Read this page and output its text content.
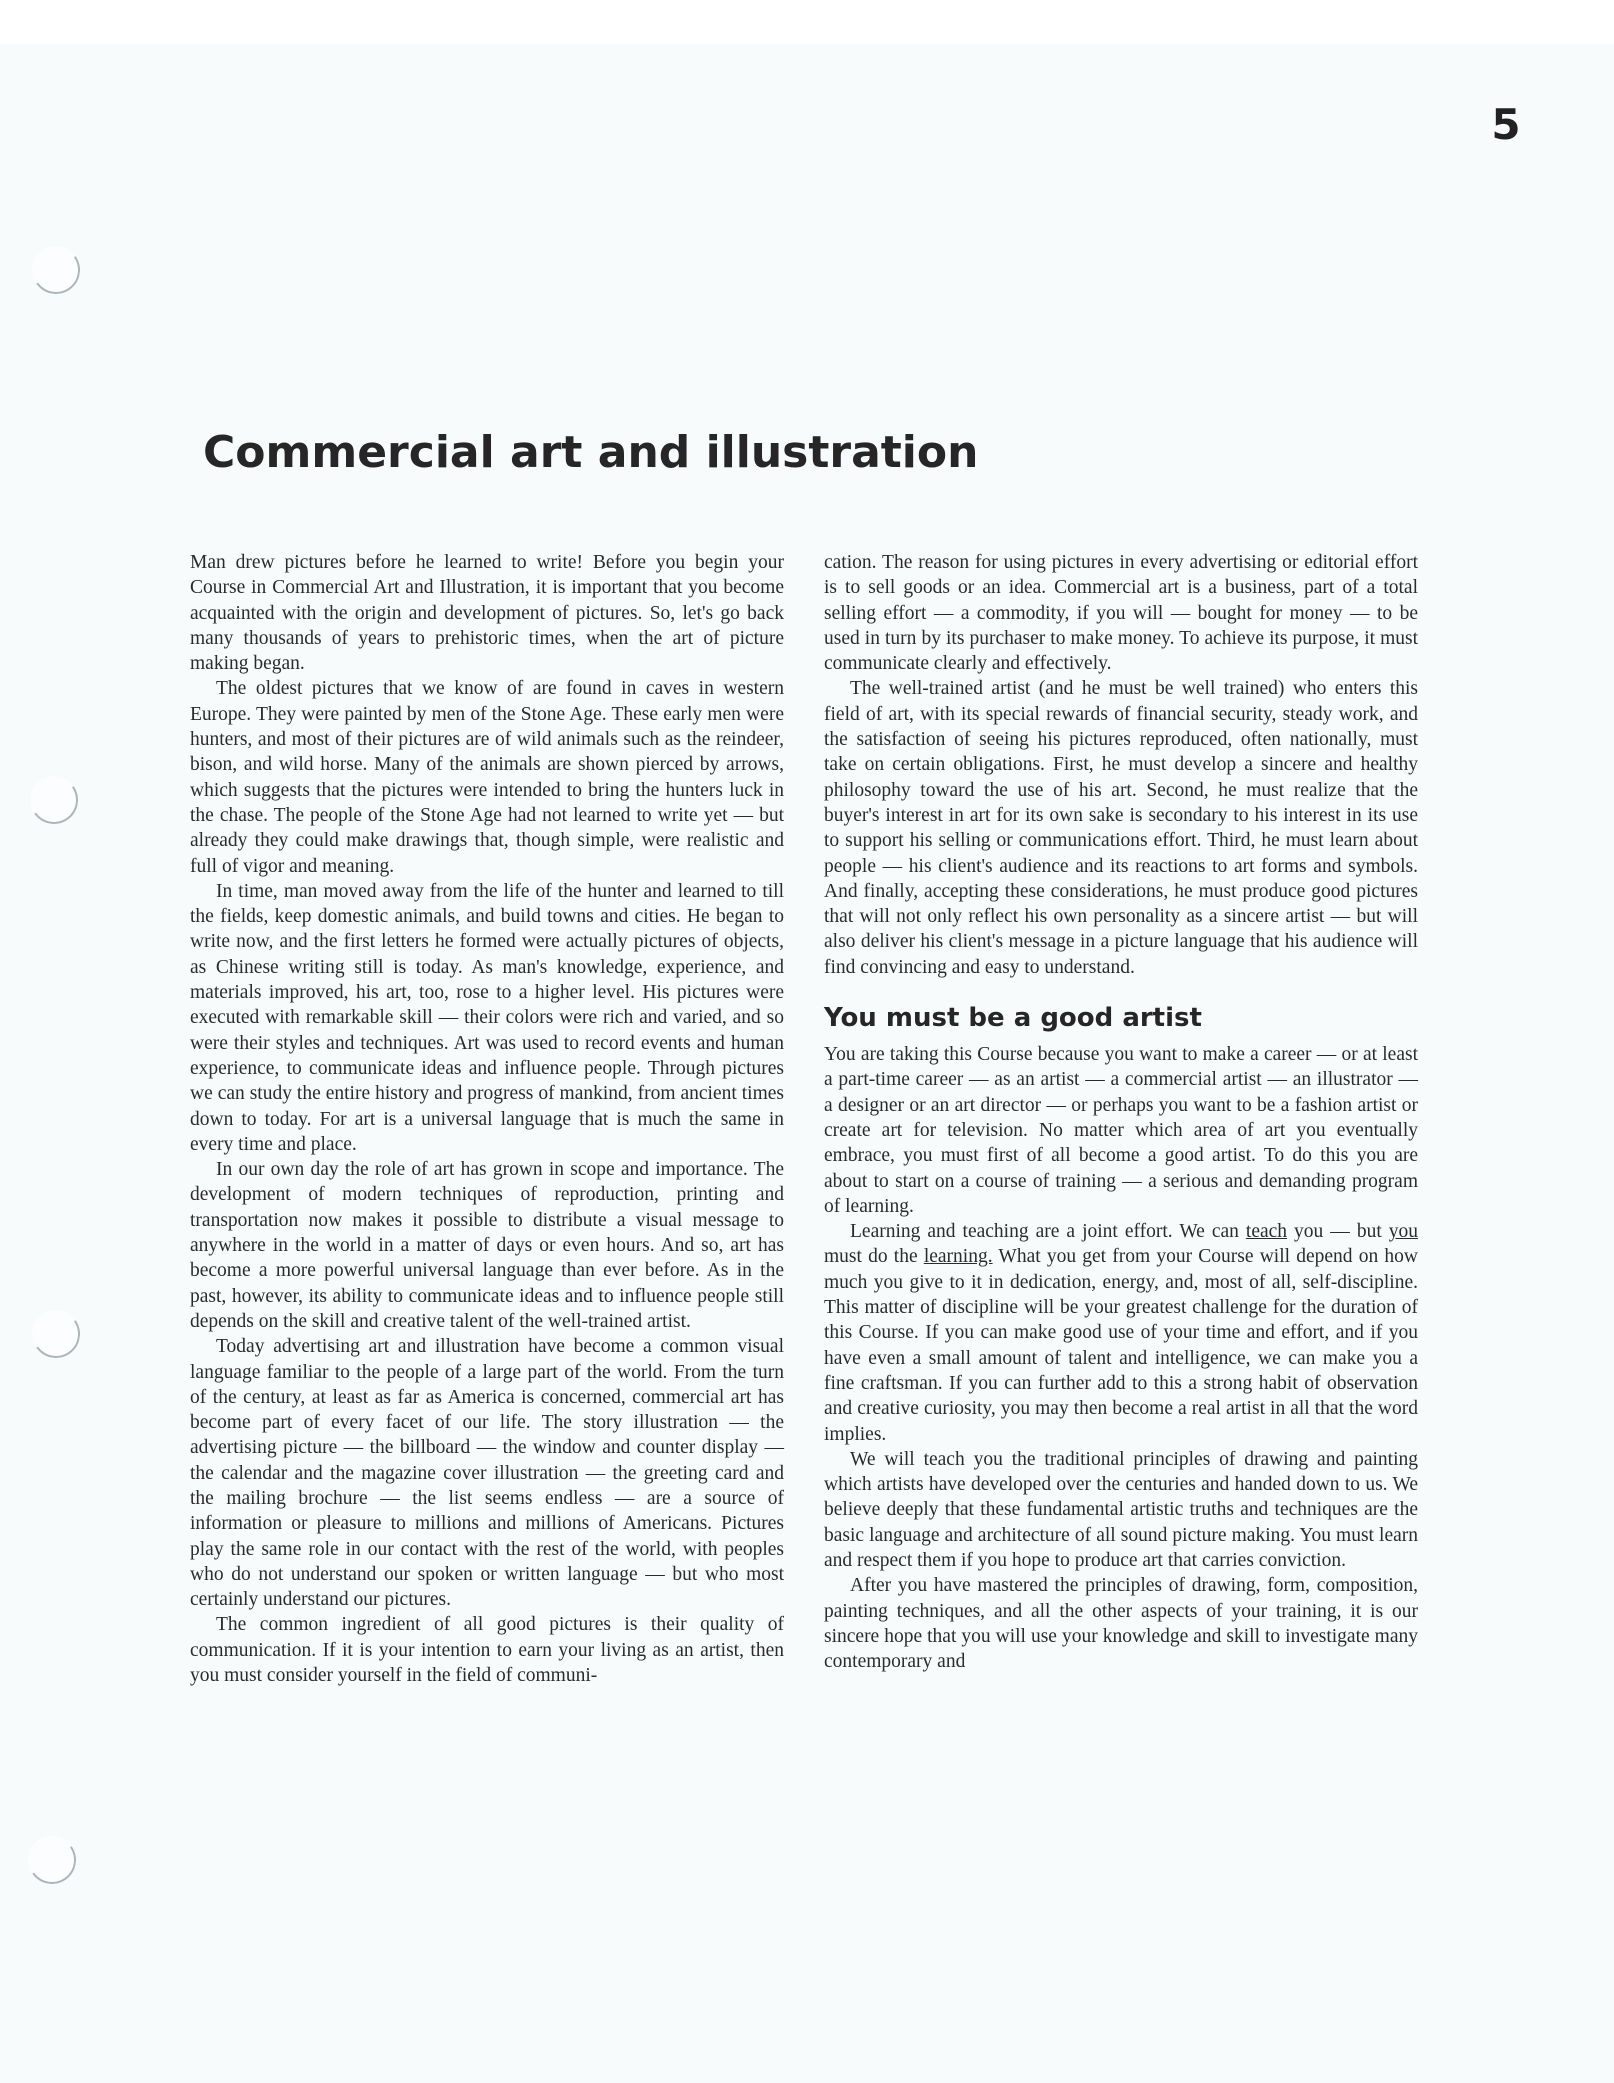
5
Commercial art and illustration

Man drew pictures before he learned to write! Before you begin your Course in Commercial Art and Illustration, it is important that you become acquainted with the origin and development of pictures. So, let's go back many thousands of years to prehistoric times, when the art of picture making began.

The oldest pictures that we know of are found in caves in western Europe. They were painted by men of the Stone Age. These early men were hunters, and most of their pictures are of wild animals such as the reindeer, bison, and wild horse. Many of the animals are shown pierced by arrows, which suggests that the pictures were intended to bring the hunters luck in the chase. The people of the Stone Age had not learned to write yet — but already they could make drawings that, though simple, were realistic and full of vigor and meaning.

In time, man moved away from the life of the hunter and learned to till the fields, keep domestic animals, and build towns and cities. He began to write now, and the first letters he formed were actually pictures of objects, as Chinese writing still is today. As man's knowledge, experience, and materials improved, his art, too, rose to a higher level. His pictures were executed with remarkable skill — their colors were rich and varied, and so were their styles and techniques. Art was used to record events and human experience, to communicate ideas and influence people. Through pictures we can study the entire history and progress of mankind, from ancient times down to today. For art is a universal language that is much the same in every time and place.

In our own day the role of art has grown in scope and importance. The development of modern techniques of reproduction, printing and transportation now makes it possible to distribute a visual message to anywhere in the world in a matter of days or even hours. And so, art has become a more powerful universal language than ever before. As in the past, however, its ability to communicate ideas and to influence people still depends on the skill and creative talent of the well-trained artist.

Today advertising art and illustration have become a common visual language familiar to the people of a large part of the world. From the turn of the century, at least as far as America is concerned, commercial art has become part of every facet of our life. The story illustration — the advertising picture — the billboard — the window and counter display — the calendar and the magazine cover illustration — the greeting card and the mailing brochure — the list seems endless — are a source of information or pleasure to millions and millions of Americans. Pictures play the same role in our contact with the rest of the world, with peoples who do not understand our spoken or written language — but who most certainly understand our pictures.

The common ingredient of all good pictures is their quality of communication. If it is your intention to earn your living as an artist, then you must consider yourself in the field of communi-

cation. The reason for using pictures in every advertising or editorial effort is to sell goods or an idea. Commercial art is a business, part of a total selling effort — a commodity, if you will — bought for money — to be used in turn by its purchaser to make money. To achieve its purpose, it must communicate clearly and effectively.

The well-trained artist (and he must be well trained) who enters this field of art, with its special rewards of financial security, steady work, and the satisfaction of seeing his pictures reproduced, often nationally, must take on certain obligations. First, he must develop a sincere and healthy philosophy toward the use of his art. Second, he must realize that the buyer's interest in art for its own sake is secondary to his interest in its use to support his selling or communications effort. Third, he must learn about people — his client's audience and its reactions to art forms and symbols. And finally, accepting these considerations, he must produce good pictures that will not only reflect his own personality as a sincere artist — but will also deliver his client's message in a picture language that his audience will find convincing and easy to understand.

You must be a good artist

You are taking this Course because you want to make a career — or at least a part-time career — as an artist — a commercial artist — an illustrator — a designer or an art director — or perhaps you want to be a fashion artist or create art for television. No matter which area of art you eventually embrace, you must first of all become a good artist. To do this you are about to start on a course of training — a serious and demanding program of learning.

Learning and teaching are a joint effort. We can teach you — but you must do the learning. What you get from your Course will depend on how much you give to it in dedication, energy, and, most of all, self-discipline. This matter of discipline will be your greatest challenge for the duration of this Course. If you can make good use of your time and effort, and if you have even a small amount of talent and intelligence, we can make you a fine craftsman. If you can further add to this a strong habit of observation and creative curiosity, you may then become a real artist in all that the word implies.

We will teach you the traditional principles of drawing and painting which artists have developed over the centuries and handed down to us. We believe deeply that these fundamental artistic truths and techniques are the basic language and architecture of all sound picture making. You must learn and respect them if you hope to produce art that carries conviction.

After you have mastered the principles of drawing, form, composition, painting techniques, and all the other aspects of your training, it is our sincere hope that you will use your knowledge and skill to investigate many contemporary and
